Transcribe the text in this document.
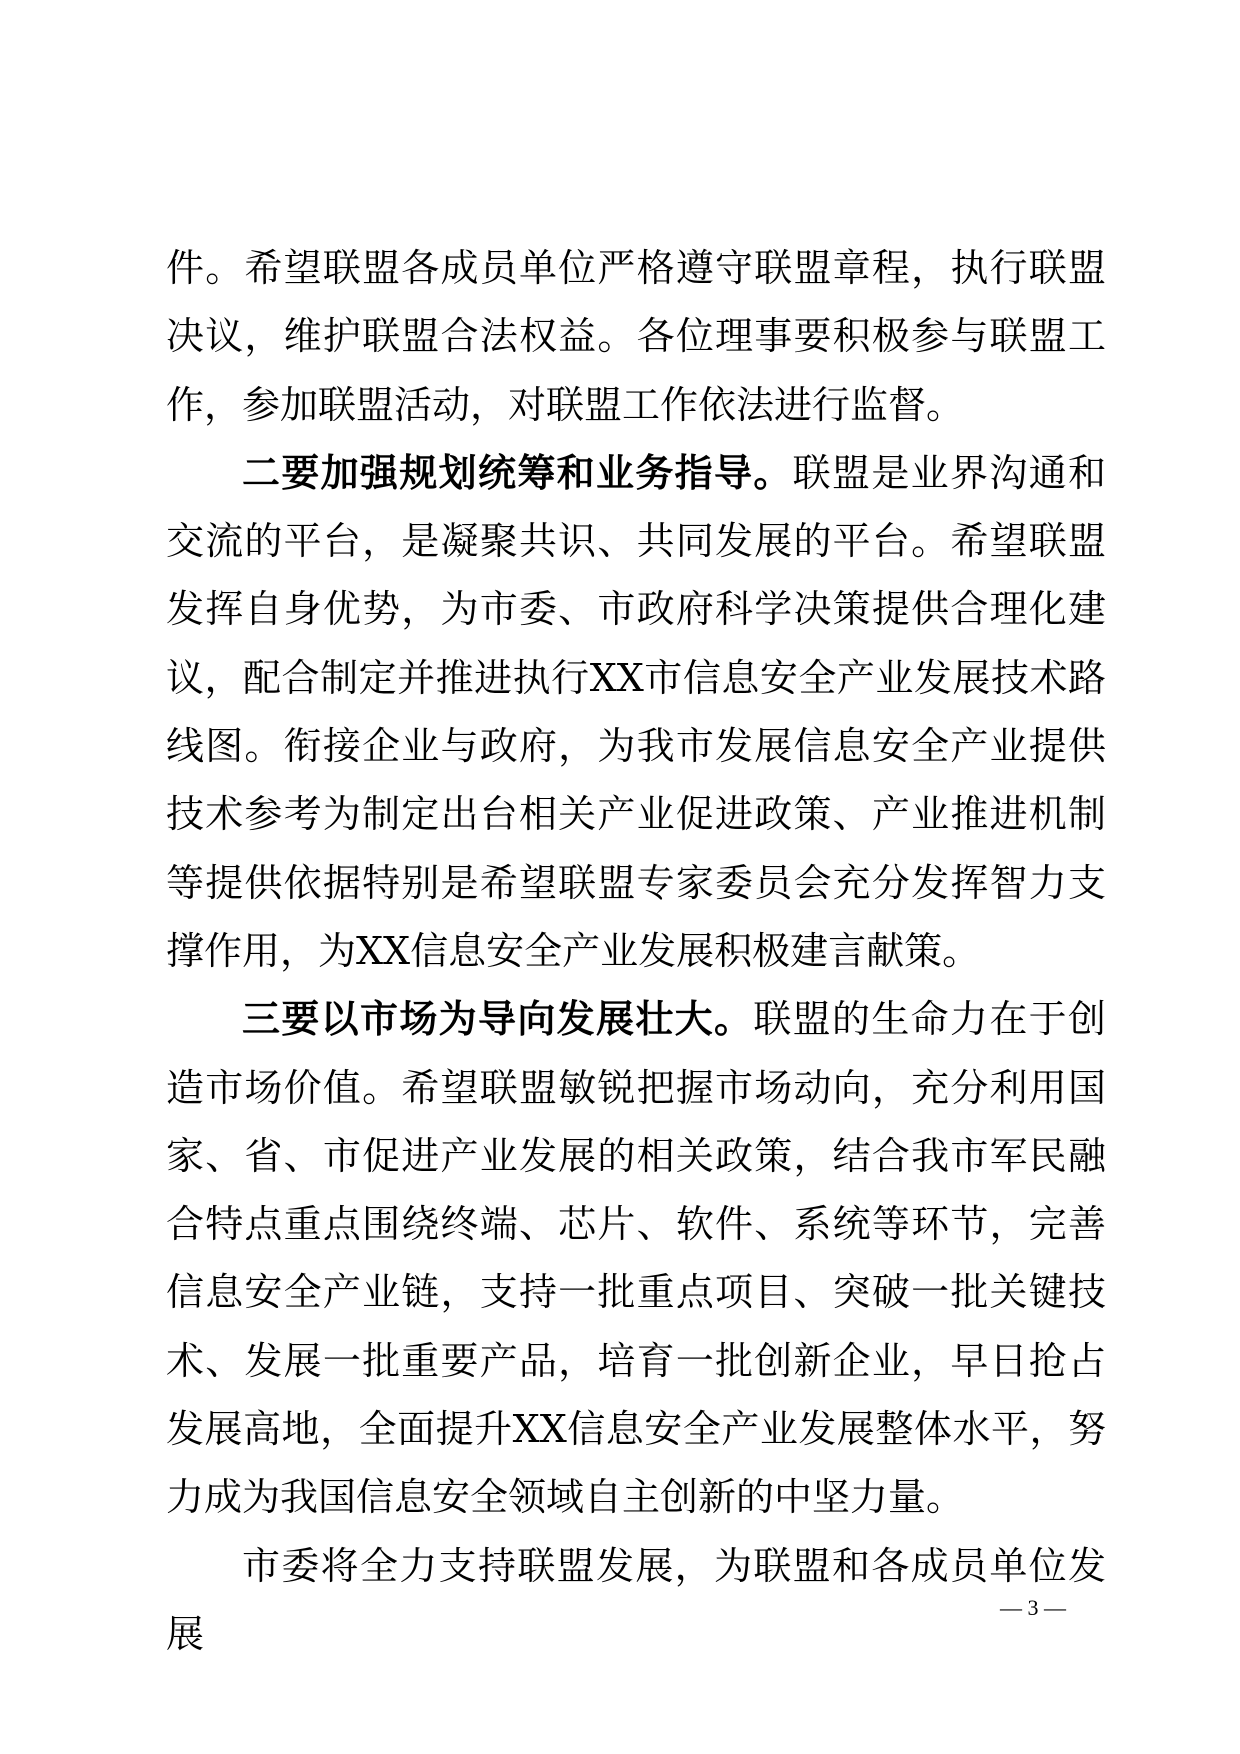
件。希望联盟各成员单位严格遵守联盟章程，执行联盟决议，维护联盟合法权益。各位理事要积极参与联盟工作，参加联盟活动，对联盟工作依法进行监督。

二要加强规划统筹和业务指导。联盟是业界沟通和交流的平台，是凝聚共识、共同发展的平台。希望联盟发挥自身优势，为市委、市政府科学决策提供合理化建议，配合制定并推进执行XX市信息安全产业发展技术路线图。衔接企业与政府，为我市发展信息安全产业提供技术参考为制定出台相关产业促进政策、产业推进机制等提供依据特别是希望联盟专家委员会充分发挥智力支撑作用，为XX信息安全产业发展积极建言献策。

三要以市场为导向发展壮大。联盟的生命力在于创造市场价值。希望联盟敏锐把握市场动向，充分利用国家、省、市促进产业发展的相关政策，结合我市军民融合特点重点围绕终端、芯片、软件、系统等环节，完善信息安全产业链，支持一批重点项目、突破一批关键技术、发展一批重要产品，培育一批创新企业，早日抢占发展高地，全面提升XX信息安全产业发展整体水平，努力成为我国信息安全领域自主创新的中坚力量。

市委将全力支持联盟发展，为联盟和各成员单位发展

— 3 —
